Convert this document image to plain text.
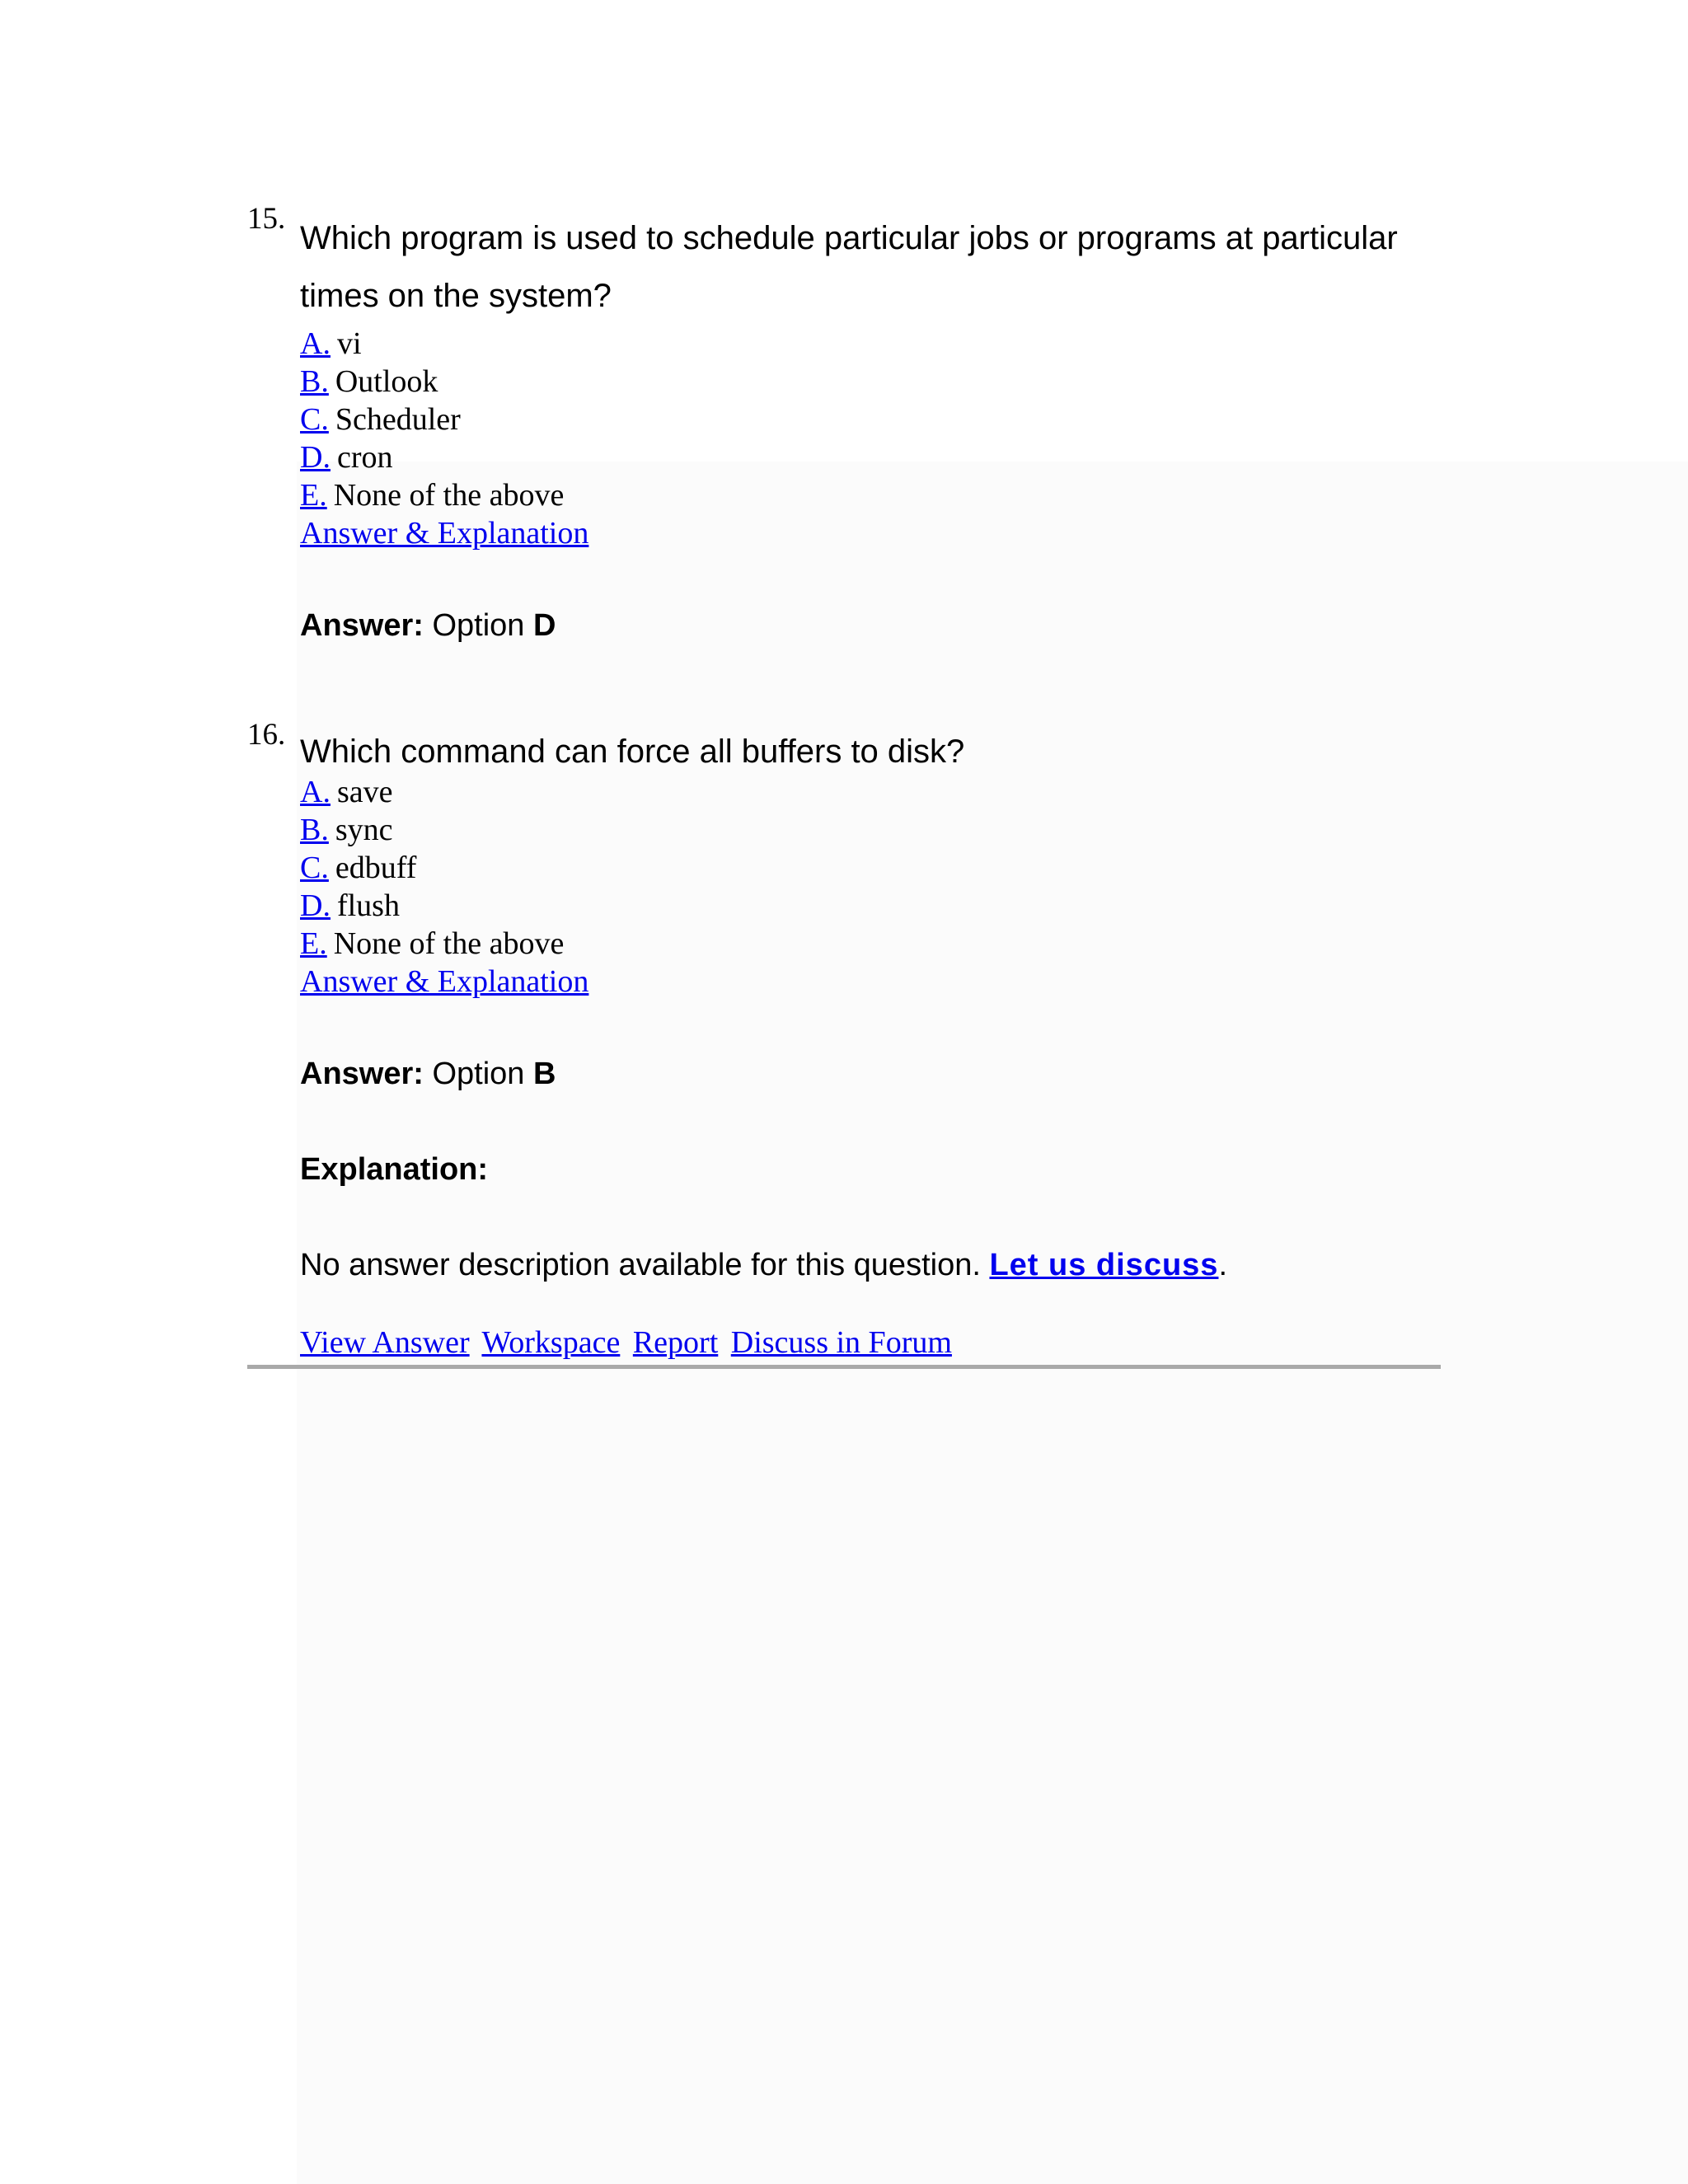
15.

Which program is used to schedule particular jobs or programs at particular times on the system?

A. vi
B. Outlook
C. Scheduler
D. cron
E. None of the above
Answer & Explanation
Answer: Option D
16. Which command can force all buffers to disk?

A. save
B. sync
C. edbuff
D. flush
E. None of the above
Answer & Explanation
Answer: Option B
Explanation:
No answer description available for this question. Let us discuss.
View Answer Workspace Report Discuss in Forum
